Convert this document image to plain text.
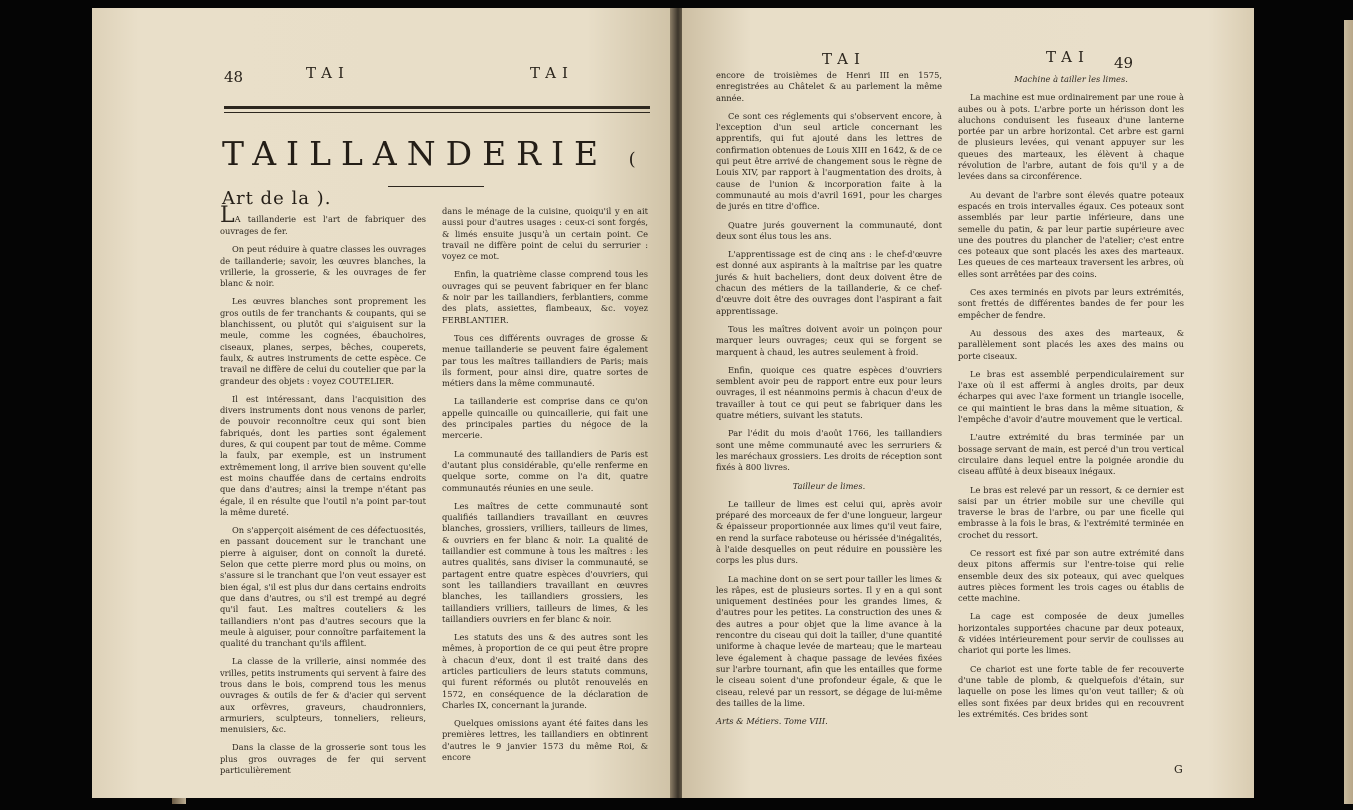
48	TAI	TAI
TAILLANDERIE ( Art de la ).

LA taillanderie est l'art de fabriquer des ouvrages de fer.

On peut réduire à quatre classes les ouvrages de taillanderie; savoir, les œuvres blanches, la vrillerie, la grosserie, & les ouvrages de fer blanc & noir.

Les œuvres blanches sont proprement les gros outils de fer tranchants & coupants, qui se blanchissent, ou plutôt qui s'aiguisent sur la meule, comme les cognées, ébauchoires, ciseaux, planes, serpes, bêches, couperets, faulx, & autres instruments de cette espèce. Ce travail ne diffère de celui du coutelier que par la grandeur des objets : voyez COUTELIER.

Il est intéressant, dans l'acquisition des divers instruments dont nous venons de parler, de pouvoir reconnoître ceux qui sont bien fabriqués, dont les parties sont également dures, & qui coupent par tout de même. Comme la faulx, par exemple, est un instrument extrêmement long, il arrive bien souvent qu'elle est moins chauffée dans de certains endroits que dans d'autres; ainsi la trempe n'étant pas égale, il en résulte que l'outil n'a point par-tout la même dureté.

On s'apperçoit aisément de ces défectuosités, en passant doucement sur le tranchant une pierre à aiguiser, dont on connoît la dureté. Selon que cette pierre mord plus ou moins, on s'assure si le tranchant que l'on veut essayer est bien égal, s'il est plus dur dans certains endroits que dans d'autres, ou s'il est trempé au degré qu'il faut. Les maîtres couteliers & les taillandiers n'ont pas d'autres secours que la meule à aiguiser, pour connoître parfaitement la qualité du tranchant qu'ils affilent.

La classe de la vrillerie, ainsi nommée des vrilles, petits instruments qui servent à faire des trous dans le bois, comprend tous les menus ouvrages & outils de fer & d'acier qui servent aux orfèvres, graveurs, chaudronniers, armuriers, sculpteurs, tonneliers, relieurs, menuisiers, &c.

Dans la classe de la grosserie sont tous les plus gros ouvrages de fer qui servent particulièrement

dans le ménage de la cuisine, quoiqu'il y en ait aussi pour d'autres usages : ceux-ci sont forgés, & limés ensuite jusqu'à un certain point. Ce travail ne diffère point de celui du serrurier : voyez ce mot.

Enfin, la quatrième classe comprend tous les ouvrages qui se peuvent fabriquer en fer blanc & noir par les taillandiers, ferblantiers, comme des plats, assiettes, flambeaux, &c. voyez FERBLANTIER.

Tous ces différents ouvrages de grosse & menue taillanderie se peuvent faire également par tous les maîtres taillandiers de Paris; mais ils forment, pour ainsi dire, quatre sortes de métiers dans la même communauté.

La taillanderie est comprise dans ce qu'on appelle quincaille ou quincaillerie, qui fait une des principales parties du négoce de la mercerie.

La communauté des taillandiers de Paris est d'autant plus considérable, qu'elle renferme en quelque sorte, comme on l'a dit, quatre communautés réunies en une seule.

Les maîtres de cette communauté sont qualifiés taillandiers travaillant en œuvres blanches, grossiers, vrilliers, tailleurs de limes, & ouvriers en fer blanc & noir. La qualité de taillandier est commune à tous les maîtres : les autres qualités, sans diviser la communauté, se partagent entre quatre espèces d'ouvriers, qui sont les taillandiers travaillant en œuvres blanches, les taillandiers grossiers, les taillandiers vrilliers, tailleurs de limes, & les taillandiers ouvriers en fer blanc & noir.

Les statuts des uns & des autres sont les mêmes, à proportion de ce qui peut être propre à chacun d'eux, dont il est traité dans des articles particuliers de leurs statuts communs, qui furent réformés ou plutôt renouvelés en 1572, en conséquence de la déclaration de Charles IX, concernant la jurande.

Quelques omissions ayant été faites dans les premières lettres, les taillandiers en obtinrent d'autres le 9 janvier 1573 du même Roi, & encore

TAI	TAI 49

encore de troisièmes de Henri III en 1575, enregistrées au Châtelet & au parlement la même année.

Ce sont ces réglements qui s'observent encore, à l'exception d'un seul article concernant les apprentifs, qui fut ajouté dans les lettres de confirmation obtenues de Louis XIII en 1642, & de ce qui peut être arrivé de changement sous le règne de Louis XIV, par rapport à l'augmentation des droits, à cause de l'union & incorporation faite à la communauté au mois d'avril 1691, pour les charges de jurés en titre d'office.

Quatre jurés gouvernent la communauté, dont deux sont élus tous les ans.

L'apprentissage est de cinq ans : le chef-d'œuvre est donné aux aspirants à la maîtrise par les quatre jurés & huit bacheliers, dont deux doivent être de chacun des métiers de la taillanderie, & ce chef-d'œuvre doit être des ouvrages dont l'aspirant a fait apprentissage.

Tous les maîtres doivent avoir un poinçon pour marquer leurs ouvrages; ceux qui se forgent se marquent à chaud, les autres seulement à froid.

Enfin, quoique ces quatre espèces d'ouvriers semblent avoir peu de rapport entre eux pour leurs ouvrages, il est néanmoins permis à chacun d'eux de travailler à tout ce qui peut se fabriquer dans les quatre métiers, suivant les statuts.

Par l'édit du mois d'août 1766, les taillandiers sont une même communauté avec les serruriers & les maréchaux grossiers. Les droits de réception sont fixés à 800 livres.

Tailleur de limes.

Le tailleur de limes est celui qui, après avoir préparé des morceaux de fer d'une longueur, largeur & épaisseur proportionnée aux limes qu'il veut faire, en rend la surface raboteuse ou hérissée d'inégalités, à l'aide desquelles on peut réduire en poussière les corps les plus durs.

La machine dont on se sert pour tailler les limes & les râpes, est de plusieurs sortes. Il y en a qui sont uniquement destinées pour les grandes limes, & d'autres pour les petites. La construction des unes & des autres a pour objet que la lime avance à la rencontre du ciseau qui doit la tailler, d'une quantité uniforme à chaque levée de marteau; que le marteau leve également à chaque passage de levées fixées sur l'arbre tournant, afin que les entailles que forme le ciseau soient d'une profondeur égale, & que le ciseau, relevé par un ressort, se dégage de lui-même des tailles de la lime.

Arts & Métiers. Tome VIII.

Machine à tailler les limes.

La machine est mue ordinairement par une roue à aubes ou à pots. L'arbre porte un hérisson dont les aluchons conduisent les fuseaux d'une lanterne portée par un arbre horizontal. Cet arbre est garni de plusieurs levées, qui venant appuyer sur les queues des marteaux, les élèvent à chaque révolution de l'arbre, autant de fois qu'il y a de levées dans sa circonférence.

Au devant de l'arbre sont élevés quatre poteaux espacés en trois intervalles égaux. Ces poteaux sont assemblés par leur partie inférieure, dans une semelle du patin, & par leur partie supérieure avec une des poutres du plancher de l'atelier; c'est entre ces poteaux que sont placés les axes des marteaux. Les queues de ces marteaux traversent les arbres, où elles sont arrêtées par des coins.

Ces axes terminés en pivots par leurs extrémités, sont frettés de différentes bandes de fer pour les empêcher de fendre.

Au dessous des axes des marteaux, & parallèlement sont placés les axes des mains ou porte ciseaux.

Le bras est assemblé perpendiculairement sur l'axe où il est affermi à angles droits, par deux écharpes qui avec l'axe forment un triangle isocelle, ce qui maintient le bras dans la même situation, & l'empêche d'avoir d'autre mouvement que le vertical.

L'autre extrémité du bras terminée par un bossage servant de main, est percé d'un trou vertical circulaire dans lequel entre la poignée arondie du ciseau affûté à deux biseaux inégaux.

Le bras est relevé par un ressort, & ce dernier est saisi par un étrier mobile sur une cheville qui traverse le bras de l'arbre, ou par une ficelle qui embrasse à la fois le bras, & l'extrémité terminée en crochet du ressort.

Ce ressort est fixé par son autre extrémité dans deux pitons affermis sur l'entre-toise qui relie ensemble deux des six poteaux, qui avec quelques autres pièces forment les trois cages ou établis de cette machine.

La cage est composée de deux jumelles horizontales supportées chacune par deux poteaux, & vidées intérieurement pour servir de coulisses au chariot qui porte les limes.

Ce chariot est une forte table de fer recouverte d'une table de plomb, & quelquefois d'étain, sur laquelle on pose les limes qu'on veut tailler; & où elles sont fixées par deux brides qui en recouvrent les extrémités. Ces brides sont

G
